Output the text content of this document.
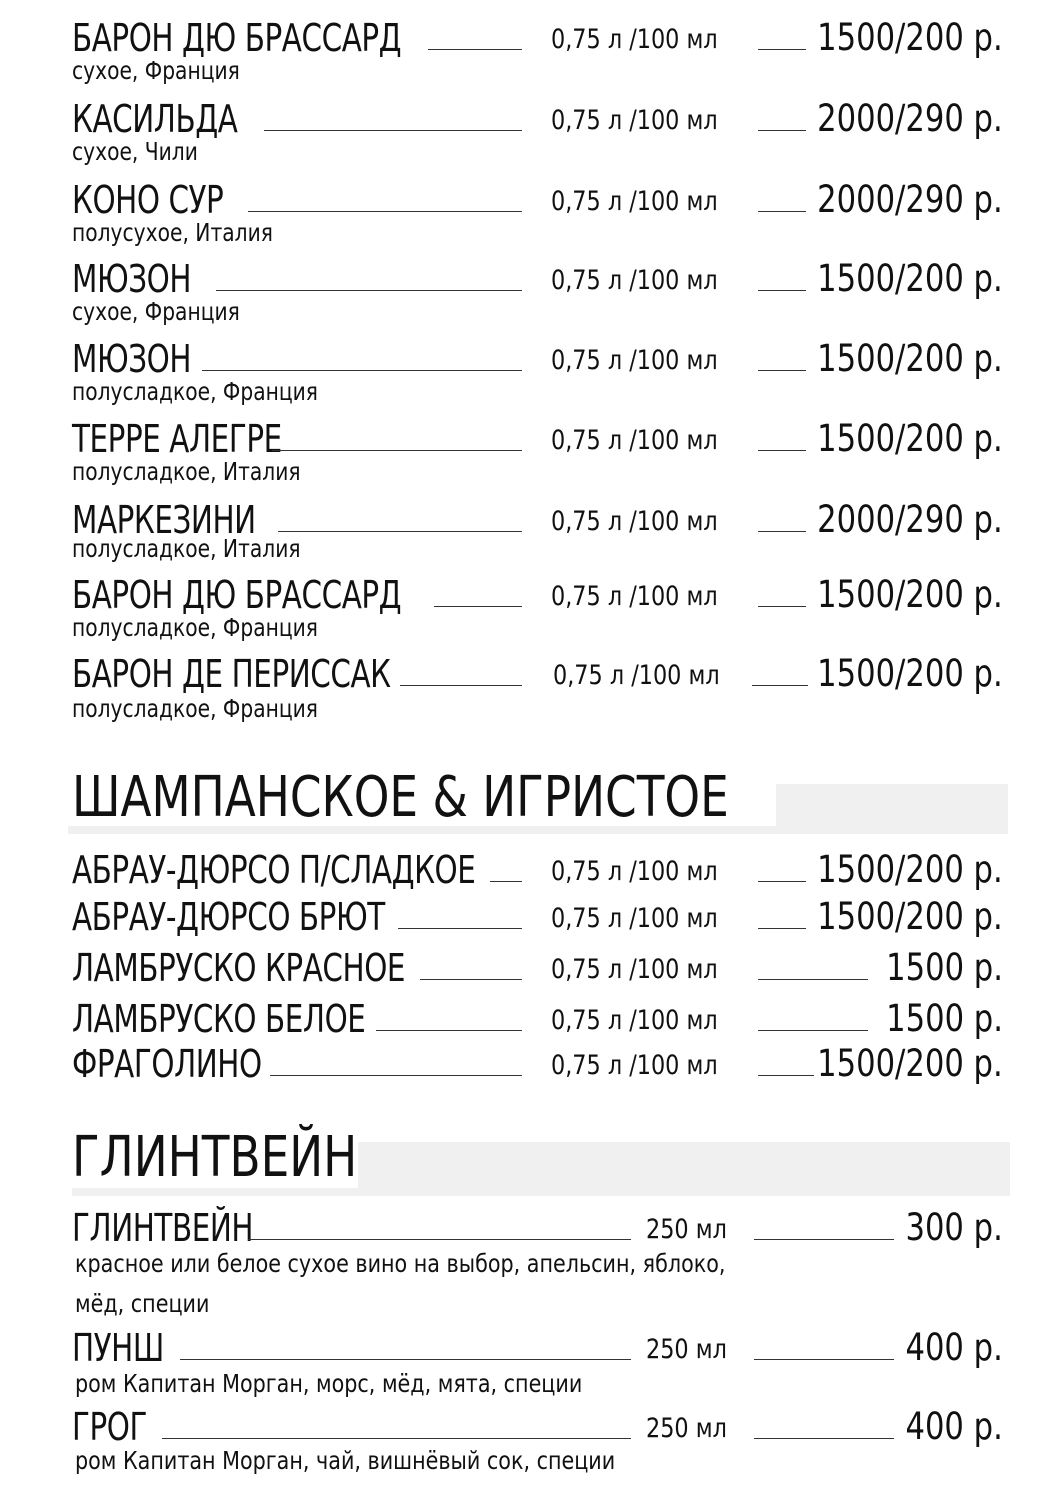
БАРОН ДЮ БРАССАРД	0,75 л /100 мл	1500/200 р.
сухое, Франция
КАСИЛЬДА	0,75 л /100 мл	2000/290 р.
сухое, Чили
КОНО СУР	0,75 л /100 мл	2000/290 р.
полусухое, Италия
МЮЗОН	0,75 л /100 мл	1500/200 р.
сухое, Франция
МЮЗОН	0,75 л /100 мл	1500/200 р.
полусладкое, Франция
ТЕРРЕ АЛЕГРЕ	0,75 л /100 мл	1500/200 р.
полусладкое, Италия
МАРКЕЗИНИ	0,75 л /100 мл	2000/290 р.
полусладкое, Италия
БАРОН ДЮ БРАССАРД	0,75 л /100 мл	1500/200 р.
полусладкое, Франция
БАРОН ДЕ ПЕРИССАК	0,75 л /100 мл	1500/200 р.
полусладкое, Франция
ШАМПАНСКОЕ & ИГРИСТОЕ
АБРАУ-ДЮРСО П/СЛАДКОЕ	0,75 л /100 мл	1500/200 р.
АБРАУ-ДЮРСО БРЮТ	0,75 л /100 мл	1500/200 р.
ЛАМБРУСКО КРАСНОЕ	0,75 л /100 мл	1500 р.
ЛАМБРУСКО БЕЛОЕ	0,75 л /100 мл	1500 р.
ФРАГОЛИНО	0,75 л /100 мл	1500/200 р.
ГЛИНТВЕЙН
ГЛИНТВЕЙН	250 мл	300 р.
красное или белое сухое вино на выбор, апельсин, яблоко,
мёд, специи
ПУНШ	250 мл	400 р.
ром Капитан Морган, морс, мёд, мята, специи
ГРОГ	250 мл	400 р.
ром Капитан Морган, чай, вишнёвый сок, специи
